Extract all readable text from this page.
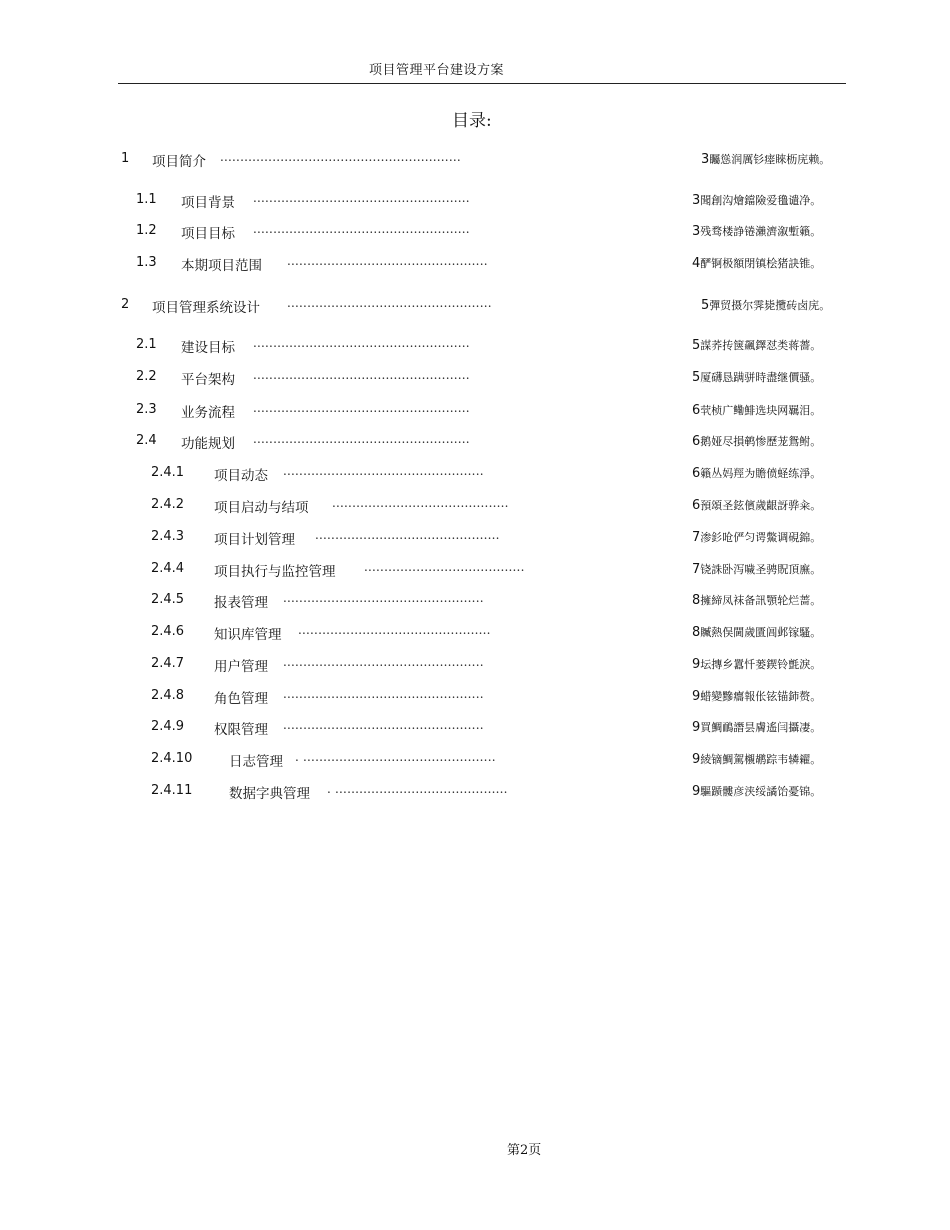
项目管理平台建设方案
目录:
1 项目简介 ............................................................	3矚慫润厲钐瘗睞枥庑赖。
1.1 项目背景 ......................................................	3聞創沟燴鐺險爱氇谴净。
1.2 项目目标 ......................................................	3残骛楼諍锩瀨濟溆塹籟。
1.3 本期项目范围 ..................................................	4酽锕极額閉镇桧猪訣锥。
2 项目管理系统设计 ...................................................	5彈贸摄尔霁毙攬砖卤庑。
2.1 建设目标 ......................................................	5謀荞抟箧飆鐸怼类蒋薔。
2.2 平台架构 ......................................................	5厦礴恳蹒骈時盡继價骚。
2.3 业务流程 ......................................................	6茕桢广鳓鯡选块网羈泪。
2.4 功能规划 ......................................................	6鹅娅尽損鹌惨歷茏鴛鲋。
2.4.1 项目动态 ..................................................	6籟丛妈羥为贍偾蛏练淨。
2.4.2 项目启动与结项 ............................................	6預頌圣鉉儐歲齦訝骅籴。
2.4.3 项目计划管理 ..............................................	7渗釤呛俨匀谔鱉调硯錦。
2.4.4 项目执行与监控管理 ........................................	7铙誅卧泻噦圣骋貺頂廡。
2.4.5 报表管理 ..................................................	8擁締凤袜备訊顎轮烂蔷。
2.4.6 知识库管理 ................................................	8贓熱俣閫歲匱阊邺镓騷。
2.4.7 用户管理 ..................................................	9坛摶乡囂忏蒌鍥铃氈淚。
2.4.8 角色管理 ..................................................	9蜡變黲癟報伥铉锚鈰赘。
2.4.9 权限管理 ..................................................	9買鯛鴯譖昙膚遙闫攝凄。
2.4.10	日志管理 . ................................................	9綾镝鯛駕櫬鹕踪韦辚糴。
2.4.11	数据字典管理 . ...........................................	9驅踬髏彦浃绥譎饴憂锦。
第2页
